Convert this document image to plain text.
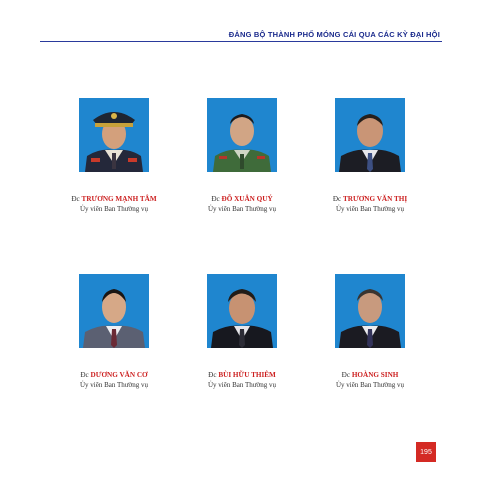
ĐẢNG BỘ THÀNH PHỐ MÓNG CÁI QUA CÁC KỲ ĐẠI HỘI
Đc TRƯƠNG MẠNH TÂM
Ủy viên Ban Thường vụ
Đc ĐỖ XUÂN QUÝ
Ủy viên Ban Thường vụ
Đc TRƯƠNG VĂN THỊ
Ủy viên Ban Thường vụ
Đc DƯƠNG VĂN CƠ
Ủy viên Ban Thường vụ
Đc BÙI HỮU THIÊM
Ủy viên Ban Thường vụ
Đc HOÀNG SINH
Ủy viên Ban Thường vụ
195
